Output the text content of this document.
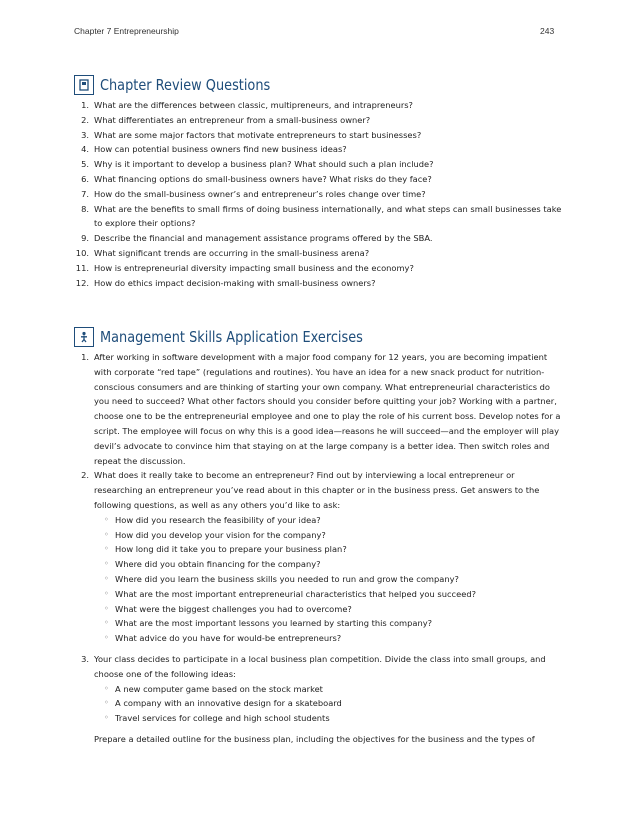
Chapter 7 Entrepreneurship	243
Chapter Review Questions
1. What are the differences between classic, multipreneurs, and intrapreneurs?
2. What differentiates an entrepreneur from a small-business owner?
3. What are some major factors that motivate entrepreneurs to start businesses?
4. How can potential business owners find new business ideas?
5. Why is it important to develop a business plan? What should such a plan include?
6. What financing options do small-business owners have? What risks do they face?
7. How do the small-business owner’s and entrepreneur’s roles change over time?
8. What are the benefits to small firms of doing business internationally, and what steps can small businesses take to explore their options?
9. Describe the financial and management assistance programs offered by the SBA.
10. What significant trends are occurring in the small-business arena?
11. How is entrepreneurial diversity impacting small business and the economy?
12. How do ethics impact decision-making with small-business owners?
Management Skills Application Exercises
1. After working in software development with a major food company for 12 years, you are becoming impatient with corporate “red tape” (regulations and routines). You have an idea for a new snack product for nutrition-conscious consumers and are thinking of starting your own company. What entrepreneurial characteristics do you need to succeed? What other factors should you consider before quitting your job? Working with a partner, choose one to be the entrepreneurial employee and one to play the role of his current boss. Develop notes for a script. The employee will focus on why this is a good idea—reasons he will succeed—and the employer will play devil’s advocate to convince him that staying on at the large company is a better idea. Then switch roles and repeat the discussion.
2. What does it really take to become an entrepreneur? Find out by interviewing a local entrepreneur or researching an entrepreneur you’ve read about in this chapter or in the business press. Get answers to the following questions, as well as any others you’d like to ask:
◦ How did you research the feasibility of your idea?
◦ How did you develop your vision for the company?
◦ How long did it take you to prepare your business plan?
◦ Where did you obtain financing for the company?
◦ Where did you learn the business skills you needed to run and grow the company?
◦ What are the most important entrepreneurial characteristics that helped you succeed?
◦ What were the biggest challenges you had to overcome?
◦ What are the most important lessons you learned by starting this company?
◦ What advice do you have for would-be entrepreneurs?
3. Your class decides to participate in a local business plan competition. Divide the class into small groups, and choose one of the following ideas:
◦ A new computer game based on the stock market
◦ A company with an innovative design for a skateboard
◦ Travel services for college and high school students
Prepare a detailed outline for the business plan, including the objectives for the business and the types of
